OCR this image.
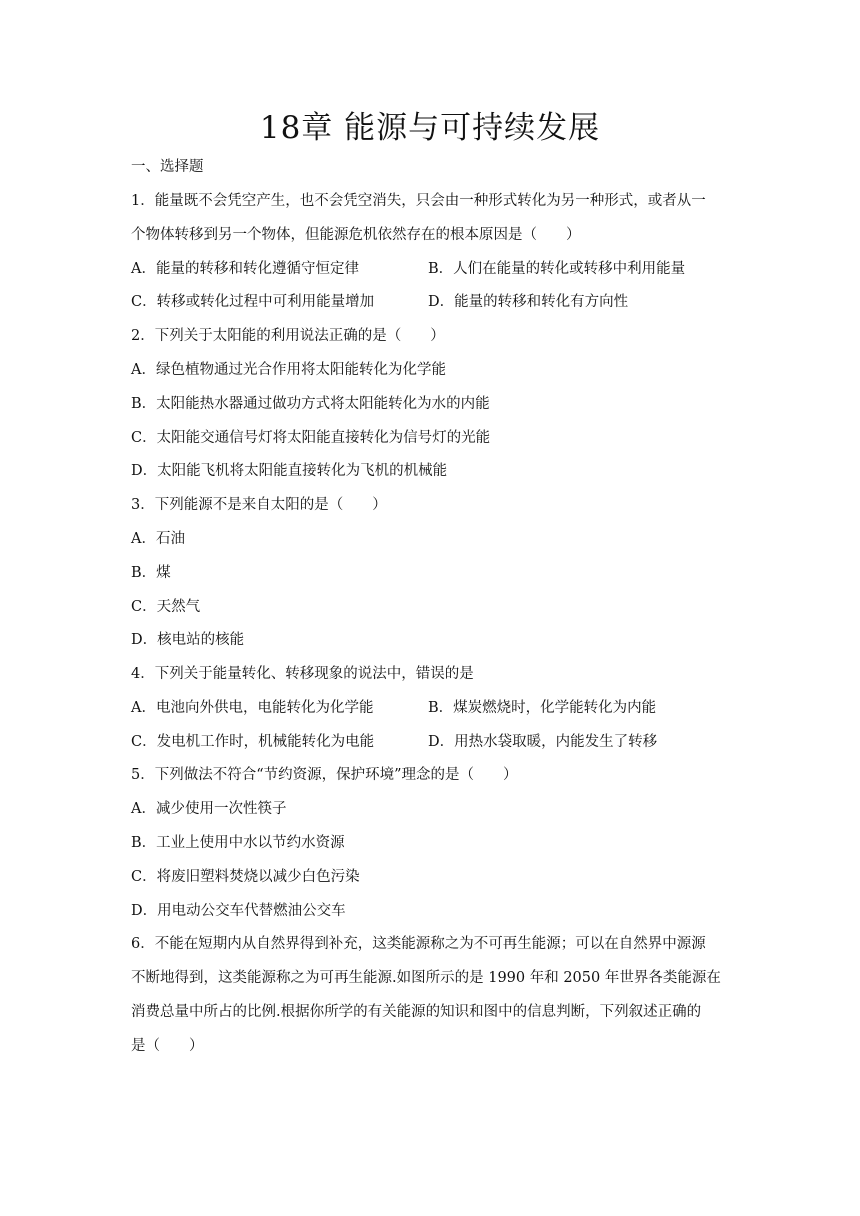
18章 能源与可持续发展
一、选择题
1．能量既不会凭空产生，也不会凭空消失，只会由一种形式转化为另一种形式，或者从一
个物体转移到另一个物体，但能源危机依然存在的根本原因是（　　）
A．能量的转移和转化遵循守恒定律	B．人们在能量的转化或转移中利用能量
C．转移或转化过程中可利用能量增加	D．能量的转移和转化有方向性
2．下列关于太阳能的利用说法正确的是（　　）
A．绿色植物通过光合作用将太阳能转化为化学能
B．太阳能热水器通过做功方式将太阳能转化为水的内能
C．太阳能交通信号灯将太阳能直接转化为信号灯的光能
D．太阳能飞机将太阳能直接转化为飞机的机械能
3．下列能源不是来自太阳的是（　　）
A．石油
B．煤
C．天然气
D．核电站的核能
4．下列关于能量转化、转移现象的说法中，错误的是
A．电池向外供电，电能转化为化学能	B．煤炭燃烧时，化学能转化为内能
C．发电机工作时，机械能转化为电能	D．用热水袋取暖，内能发生了转移
5．下列做法不符合“节约资源，保护环境”理念的是（　　）
A．减少使用一次性筷子
B．工业上使用中水以节约水资源
C．将废旧塑料焚烧以减少白色污染
D．用电动公交车代替燃油公交车
6．不能在短期内从自然界得到补充，这类能源称之为不可再生能源；可以在自然界中源源
不断地得到，这类能源称之为可再生能源.如图所示的是 1990 年和 2050 年世界各类能源在
消费总量中所占的比例.根据你所学的有关能源的知识和图中的信息判断，下列叙述正确的
是（　　）
